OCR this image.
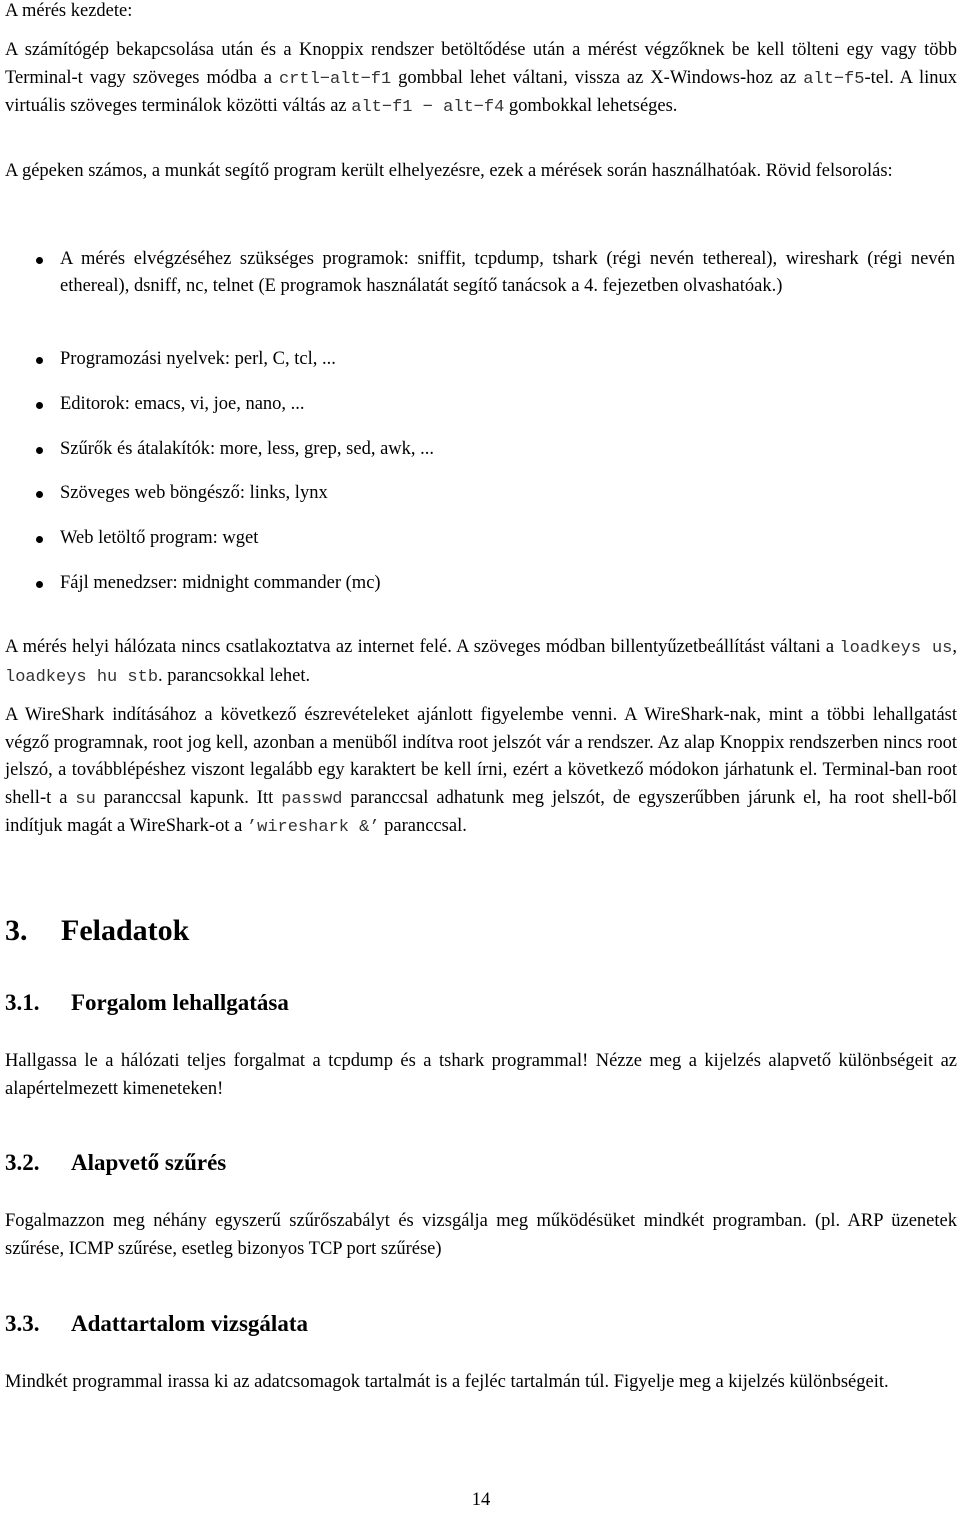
A mérés kezdete:

A számítógép bekapcsolása után és a Knoppix rendszer betöltődése után a mérést végzőknek be kell tölteni egy vagy több Terminal-t vagy szöveges módba a crtl−alt−f1 gombbal lehet váltani, vissza az X-Windows-hoz az alt−f5-tel. A linux virtuális szöveges terminálok közötti váltás az alt−f1 − alt−f4 gombokkal lehetséges.

A gépeken számos, a munkát segítő program került elhelyezésre, ezek a mérések során használhatóak. Rövid felsorolás:

A mérés elvégzéséhez szükséges programok: sniffit, tcpdump, tshark (régi nevén tethereal), wireshark (régi nevén ethereal), dsniff, nc, telnet (E programok használatát segítő tanácsok a 4. fejezetben olvashatóak.)
Programozási nyelvek: perl, C, tcl, ...
Editorok: emacs, vi, joe, nano, ...
Szűrők és átalakítók: more, less, grep, sed, awk, ...
Szöveges web böngésző: links, lynx
Web letöltő program: wget
Fájl menedzser: midnight commander (mc)

A mérés helyi hálózata nincs csatlakoztatva az internet felé. A szöveges módban billentyűzetbeállítást váltani a loadkeys us, loadkeys hu stb. parancsokkal lehet.

A WireShark indításához a következő észrevételeket ajánlott figyelembe venni. A WireShark-nak, mint a többi lehallgatást végző programnak, root jog kell, azonban a menüből indítva root jelszót vár a rendszer. Az alap Knoppix rendszerben nincs root jelszó, a továbblépéshez viszont legalább egy karaktert be kell írni, ezért a következő módokon járhatunk el. Terminal-ban root shell-t a su paranccsal kapunk. Itt passwd paranccsal adhatunk meg jelszót, de egyszerűbben járunk el, ha root shell-ből indítjuk magát a WireShark-ot a ’wireshark &’ paranccsal.

3. Feladatok
3.1. Forgalom lehallgatása

Hallgassa le a hálózati teljes forgalmat a tcpdump és a tshark programmal! Nézze meg a kijelzés alapvető különbségeit az alapértelmezett kimeneteken!

3.2. Alapvető szűrés

Fogalmazzon meg néhány egyszerű szűrőszabályt és vizsgálja meg működésüket mindkét programban. (pl. ARP üzenetek szűrése, ICMP szűrése, esetleg bizonyos TCP port szűrése)

3.3. Adattartalom vizsgálata

Mindkét programmal irassa ki az adatcsomagok tartalmát is a fejléc tartalmán túl. Figyelje meg a kijelzés különbségeit.

14
